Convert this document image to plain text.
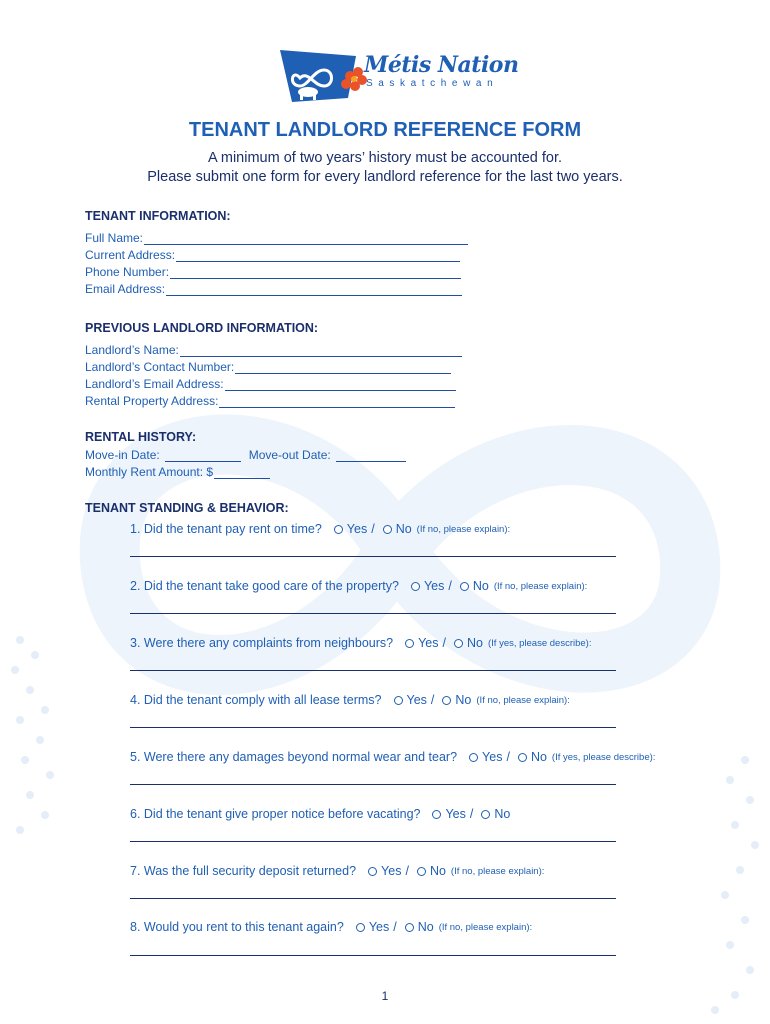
Métis Nation
Saskatchewan
TENANT LANDLORD REFERENCE FORM
A minimum of two years’ history must be accounted for.
Please submit one form for every landlord reference for the last two years.
TENANT INFORMATION:
Full Name:
Current Address:
Phone Number:
Email Address:
PREVIOUS LANDLORD INFORMATION:
Landlord’s Name:
Landlord’s Contact Number:
Landlord’s Email Address:
Rental Property Address:
RENTAL HISTORY:
Move-in Date:	Move-out Date:
Monthly Rent Amount: $
TENANT STANDING & BEHAVIOR:
1. Did the tenant pay rent on time? Yes / No (If no, please explain):
2. Did the tenant take good care of the property? Yes / No (If no, please explain):
3. Were there any complaints from neighbours? Yes / No (If yes, please describe):
4. Did the tenant comply with all lease terms? Yes / No (If no, please explain):
5. Were there any damages beyond normal wear and tear? Yes / No (If yes, please describe):
6. Did the tenant give proper notice before vacating? Yes / No
7. Was the full security deposit returned? Yes / No (If no, please explain):
8. Would you rent to this tenant again? Yes / No (If no, please explain):
1
